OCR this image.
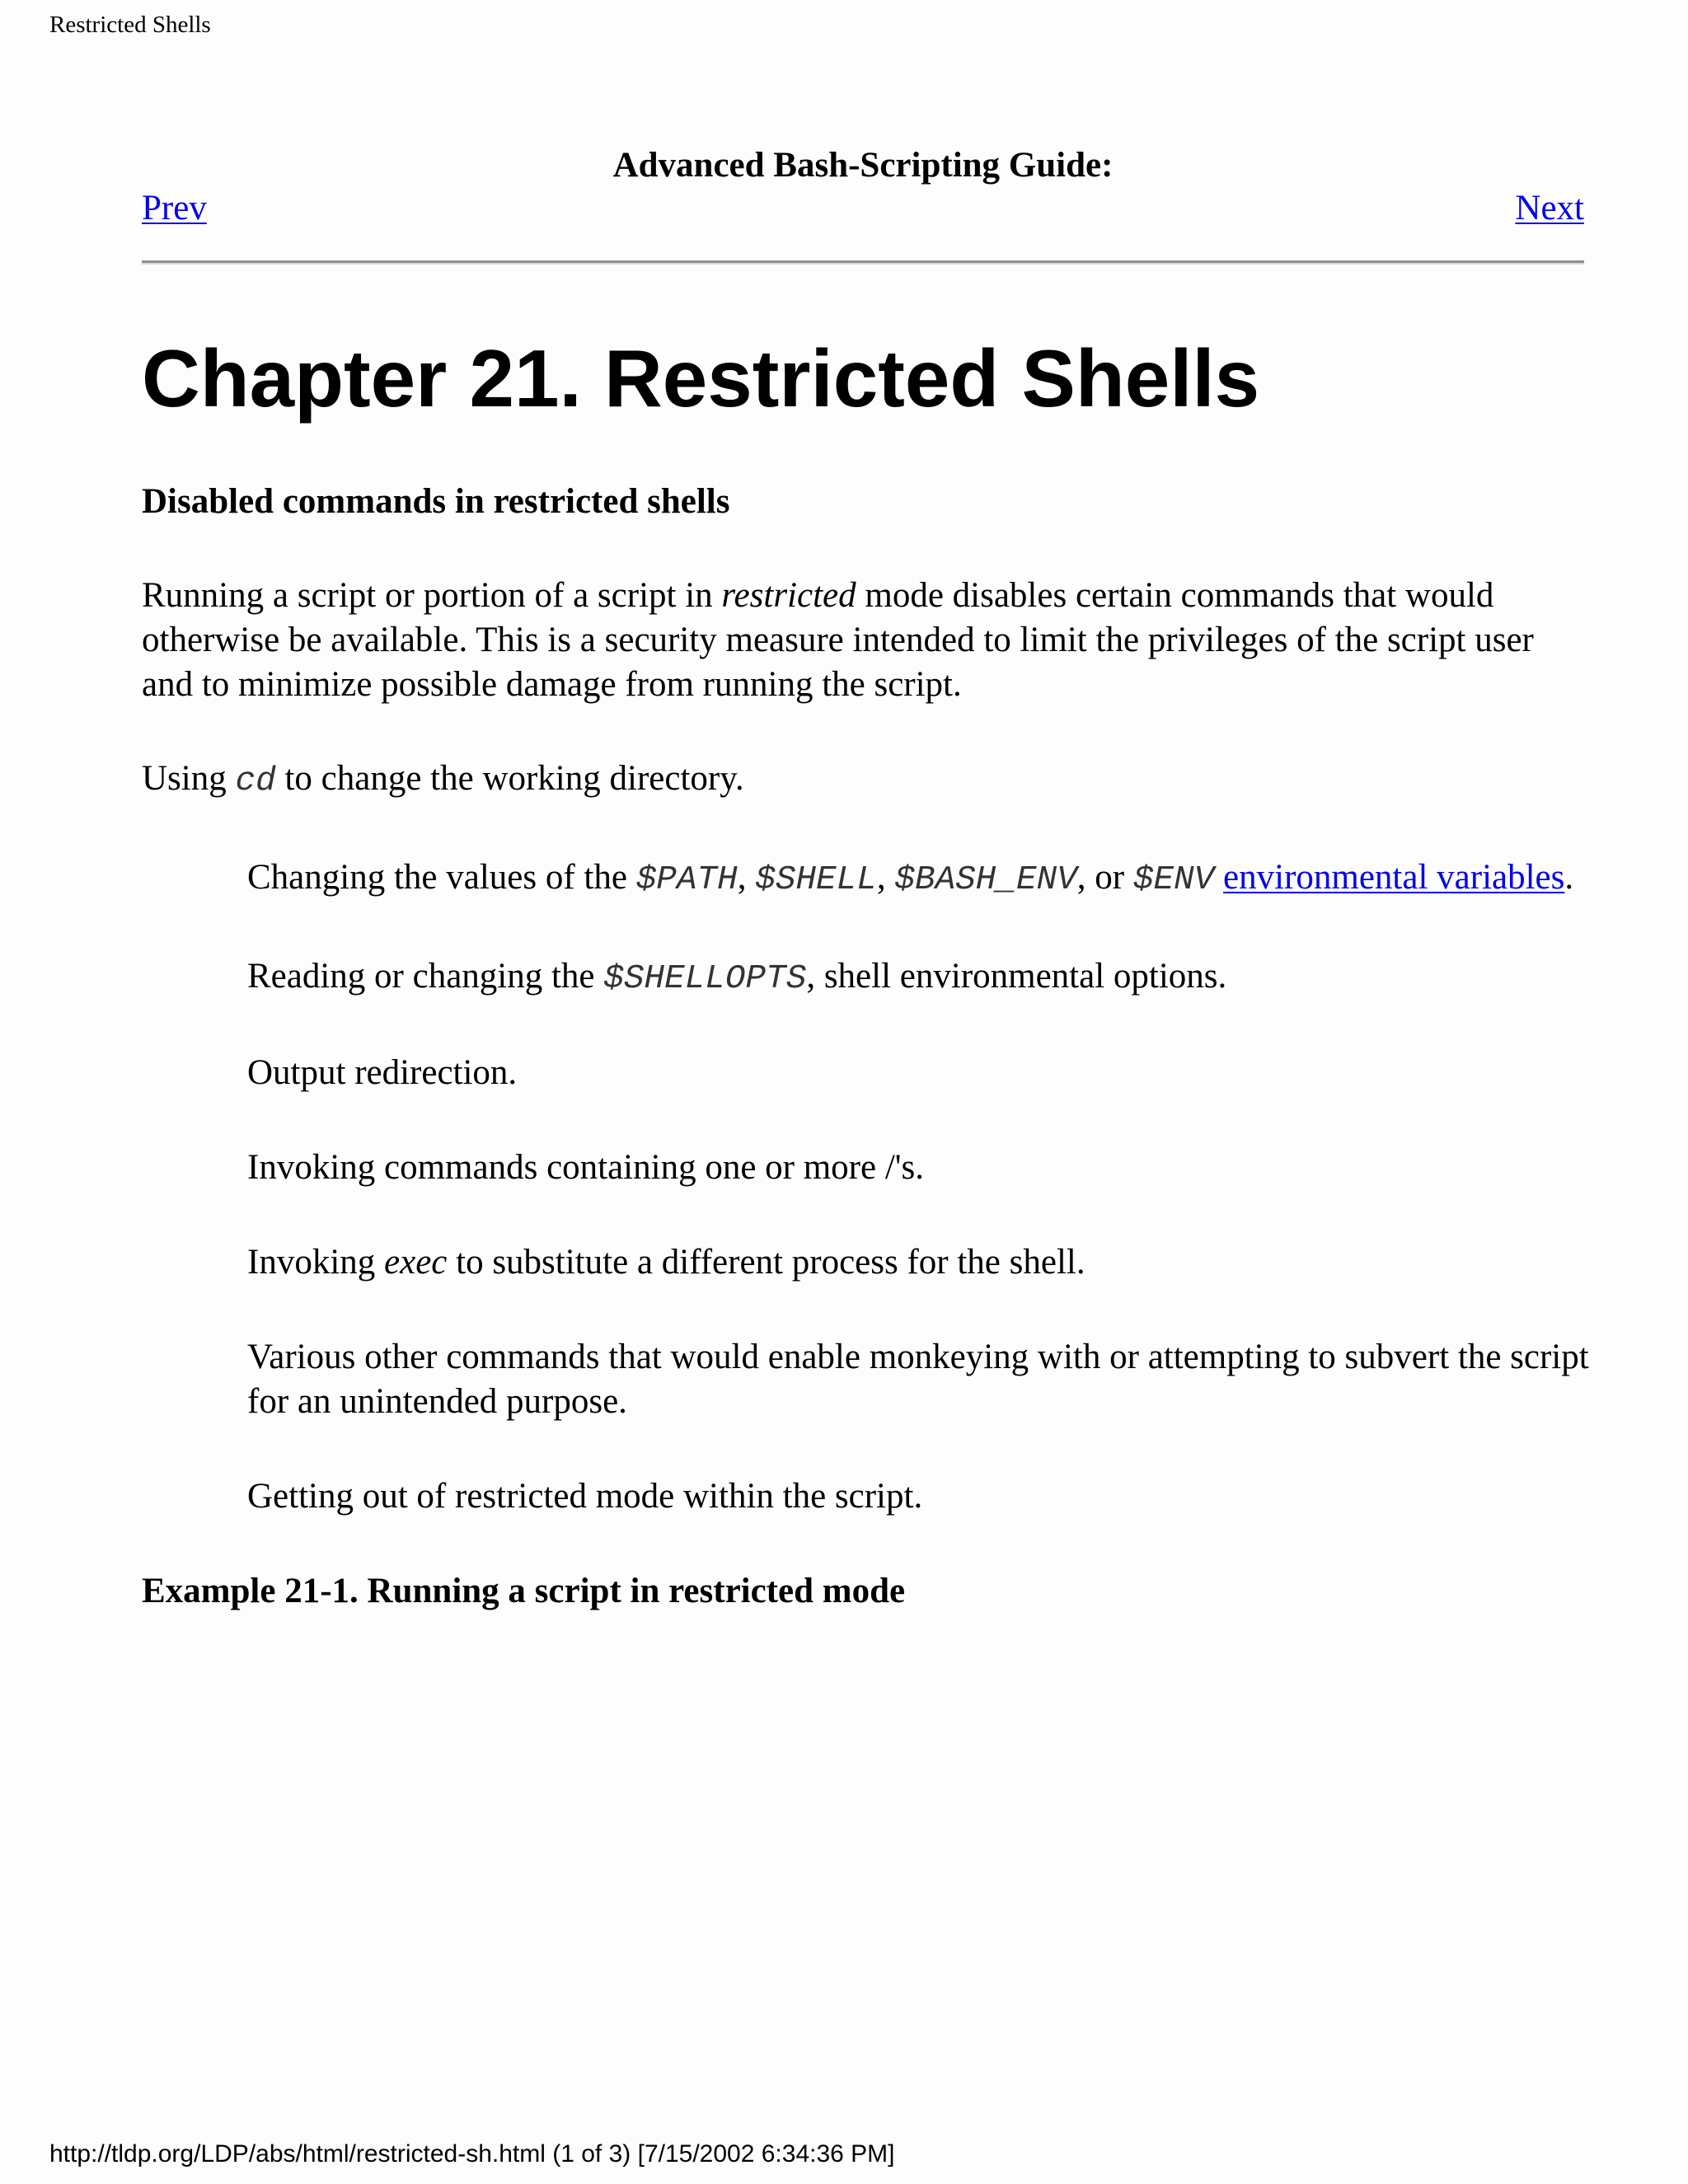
Restricted Shells
Advanced Bash-Scripting Guide:
Prev	Next
Chapter 21. Restricted Shells

Disabled commands in restricted shells

Running a script or portion of a script in restricted mode disables certain commands that would otherwise be available. This is a security measure intended to limit the privileges of the script user and to minimize possible damage from running the script.

Using cd to change the working directory.

Changing the values of the $PATH, $SHELL, $BASH_ENV, or $ENV environmental variables.

Reading or changing the $SHELLOPTS, shell environmental options.

Output redirection.

Invoking commands containing one or more /'s.

Invoking exec to substitute a different process for the shell.

Various other commands that would enable monkeying with or attempting to subvert the script for an unintended purpose.

Getting out of restricted mode within the script.

Example 21-1. Running a script in restricted mode

http://tldp.org/LDP/abs/html/restricted-sh.html (1 of 3) [7/15/2002 6:34:36 PM]
